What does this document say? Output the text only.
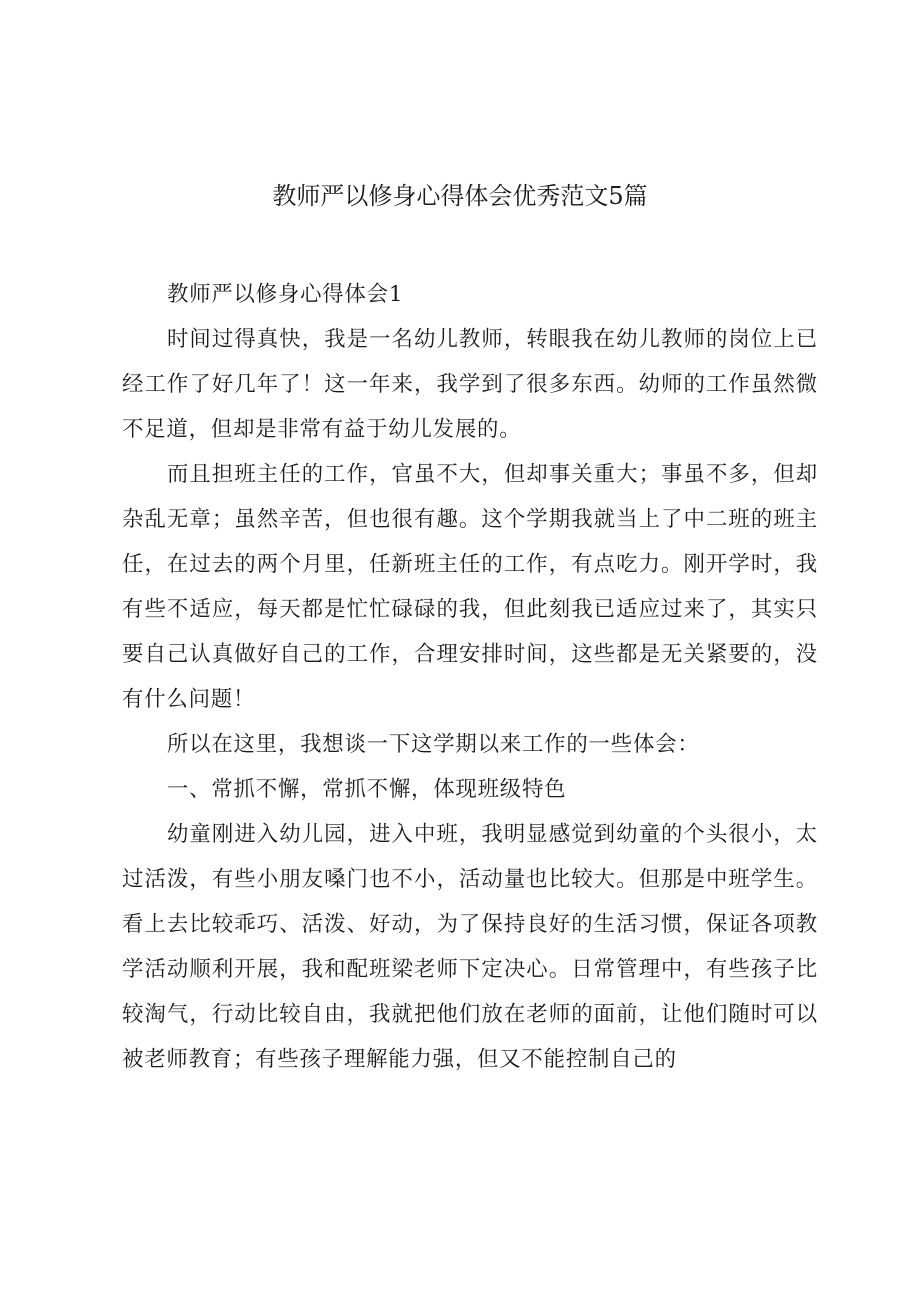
教师严以修身心得体会优秀范文5篇

教师严以修身心得体会1

时间过得真快，我是一名幼儿教师，转眼我在幼儿教师的岗位上已经工作了好几年了！这一年来，我学到了很多东西。幼师的工作虽然微不足道，但却是非常有益于幼儿发展的。

而且担班主任的工作，官虽不大，但却事关重大；事虽不多，但却杂乱无章；虽然辛苦，但也很有趣。这个学期我就当上了中二班的班主任，在过去的两个月里，任新班主任的工作，有点吃力。刚开学时，我有些不适应，每天都是忙忙碌碌的我，但此刻我已适应过来了，其实只要自己认真做好自己的工作，合理安排时间，这些都是无关紧要的，没有什么问题！

所以在这里，我想谈一下这学期以来工作的一些体会：

一、常抓不懈，常抓不懈，体现班级特色

幼童刚进入幼儿园，进入中班，我明显感觉到幼童的个头很小，太过活泼，有些小朋友嗓门也不小，活动量也比较大。但那是中班学生。看上去比较乖巧、活泼、好动，为了保持良好的生活习惯，保证各项教学活动顺利开展，我和配班梁老师下定决心。日常管理中，有些孩子比较淘气，行动比较自由，我就把他们放在老师的面前，让他们随时可以被老师教育；有些孩子理解能力强，但又不能控制自己的
